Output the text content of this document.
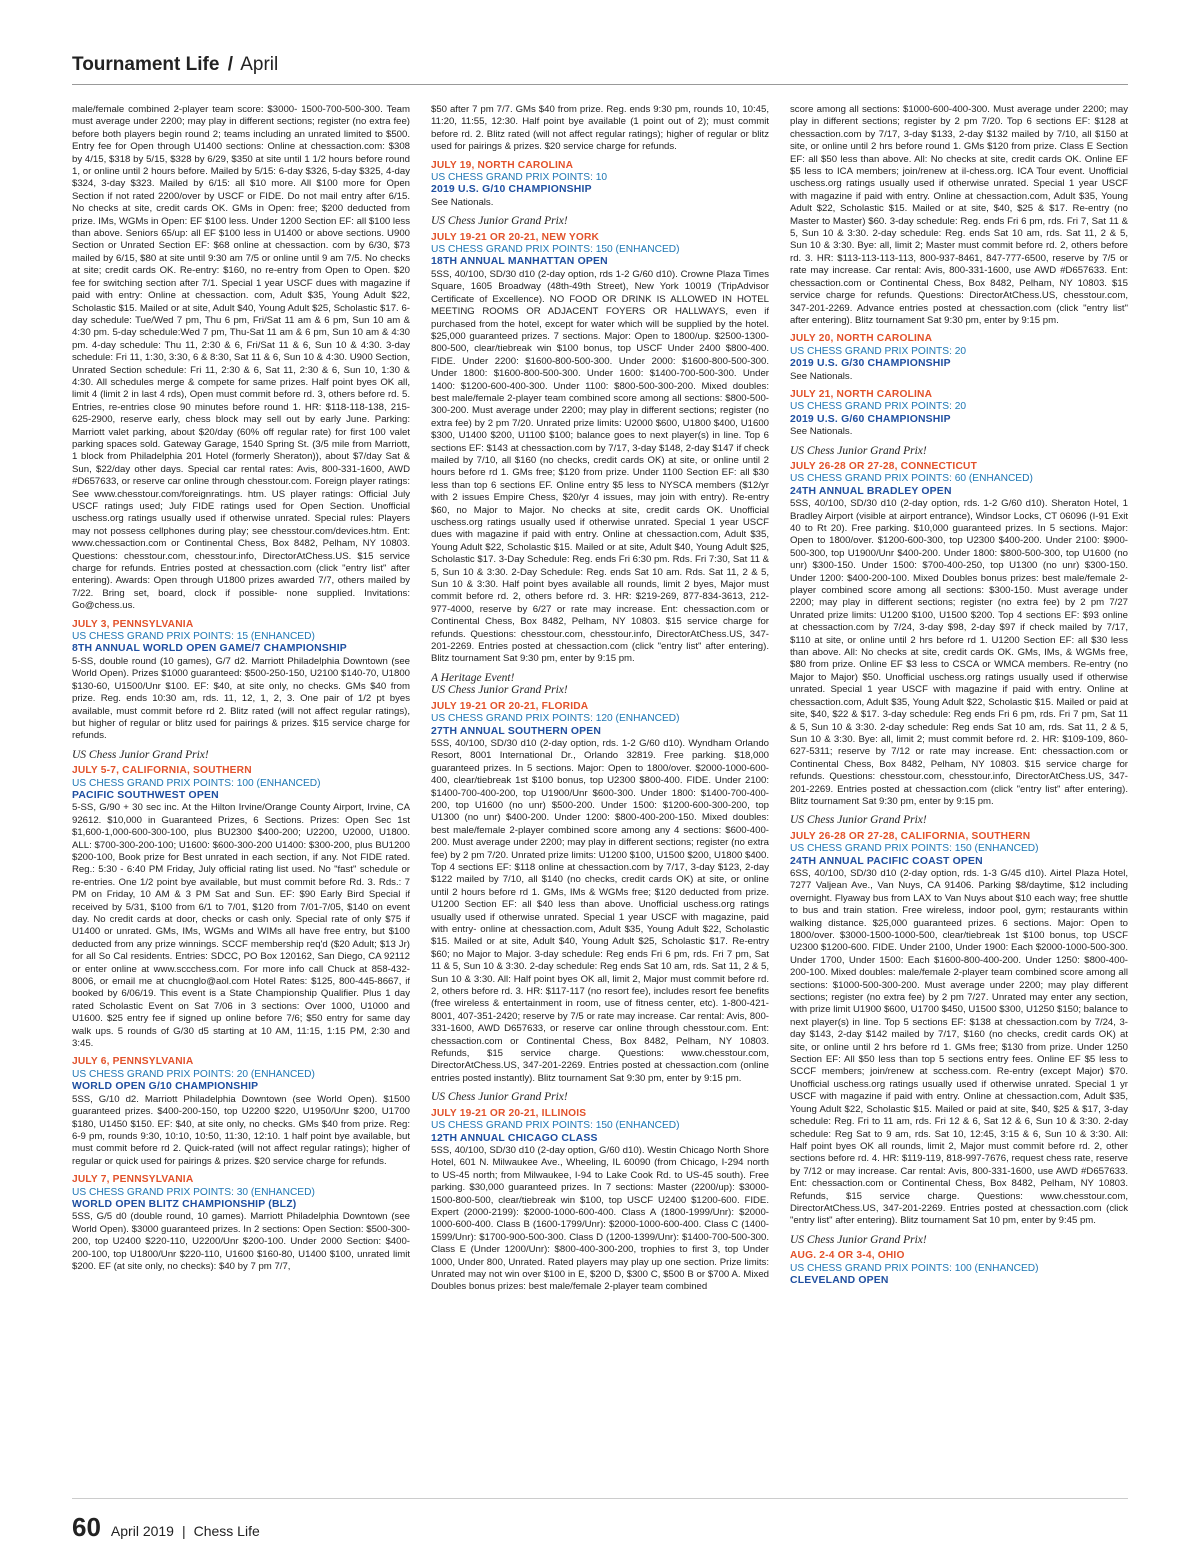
Tournament Life / April
male/female combined 2-player team score: $3000- 1500-700-500-300. Team must average under 2200; may play in different sections; register (no extra fee) before both players begin round 2; teams including an unrated limited to $500. Entry fee for Open through U1400 sections: Online at chessaction.com: $308 by 4/15, $318 by 5/15, $328 by 6/29, $350 at site until 1 1/2 hours before round 1, or online until 2 hours before. Mailed by 5/15: 6-day $326, 5-day $325, 4-day $324, 3-day $323. Mailed by 6/15: all $10 more. All $100 more for Open Section if not rated 2200/over by USCF or FIDE. Do not mail entry after 6/15. No checks at site, credit cards OK. GMs in Open: free; $200 deducted from prize. IMs, WGMs in Open: EF $100 less. Under 1200 Section EF: all $100 less than above. Seniors 65/up: all EF $100 less in U1400 or above sections. U900 Section or Unrated Section EF: $68 online at chessaction. com by 6/30, $73 mailed by 6/15, $80 at site until 9:30 am 7/5 or online until 9 am 7/5. No checks at site; credit cards OK. Re-entry: $160, no re-entry from Open to Open. $20 fee for switching section after 7/1. Special 1 year USCF dues with magazine if paid with entry: Online at chessaction. com, Adult $35, Young Adult $22, Scholastic $15. Mailed or at site, Adult $40, Young Adult $25, Scholastic $17. 6-day schedule: Tue/Wed 7 pm, Thu 6 pm, Fri/Sat 11 am & 6 pm, Sun 10 am & 4:30 pm. 5-day schedule:Wed 7 pm, Thu-Sat 11 am & 6 pm, Sun 10 am & 4:30 pm. 4-day schedule: Thu 11, 2:30 & 6, Fri/Sat 11 & 6, Sun 10 & 4:30. 3-day schedule: Fri 11, 1:30, 3:30, 6 & 8:30, Sat 11 & 6, Sun 10 & 4:30. U900 Section, Unrated Section schedule: Fri 11, 2:30 & 6, Sat 11, 2:30 & 6, Sun 10, 1:30 & 4:30. All schedules merge & compete for same prizes. Half point byes OK all, limit 4 (limit 2 in last 4 rds), Open must commit before rd. 3, others before rd. 5. Entries, re-entries close 90 minutes before round 1. HR: $118-118-138, 215-625-2900, reserve early, chess block may sell out by early June. Parking: Marriott valet parking, about $20/day (60% off regular rate) for first 100 valet parking spaces sold. Gateway Garage, 1540 Spring St. (3/5 mile from Marriott, 1 block from Philadelphia 201 Hotel (formerly Sheraton)), about $7/day Sat & Sun, $22/day other days. Special car rental rates: Avis, 800-331-1600, AWD #D657633, or reserve car online through chesstour.com. Foreign player ratings: See www.chesstour.com/foreignratings. htm. US player ratings: Official July USCF ratings used; July FIDE ratings used for Open Section. Unofficial uschess.org ratings usually used if otherwise unrated. Special rules: Players may not possess cellphones during play; see chesstour.com/devices.htm. Ent: www.chessaction.com or Continental Chess, Box 8482, Pelham, NY 10803. Questions: chesstour.com, chesstour.info, DirectorAtChess.US. $15 service charge for refunds. Entries posted at chessaction.com (click "entry list" after entering). Awards: Open through U1800 prizes awarded 7/7, others mailed by 7/22. Bring set, board, clock if possible- none supplied. Invitations: Go@chess.us.
JULY 3, PENNSYLVANIA
US CHESS GRAND PRIX POINTS: 15 (ENHANCED)
8TH ANNUAL WORLD OPEN GAME/7 CHAMPIONSHIP
5-SS, double round (10 games), G/7 d2. Marriott Philadelphia Downtown (see World Open). Prizes $1000 guaranteed: $500-250-150, U2100 $140-70, U1800 $130-60, U1500/Unr $100. EF: $40, at site only, no checks. GMs $40 from prize. Reg. ends 10:30 am, rds. 11, 12, 1, 2, 3. One pair of 1/2 pt byes available, must commit before rd 2. Blitz rated (will not affect regular ratings), but higher of regular or blitz used for pairings & prizes. $15 service charge for refunds.
US Chess Junior Grand Prix!
JULY 5-7, CALIFORNIA, SOUTHERN
US CHESS GRAND PRIX POINTS: 100 (ENHANCED)
PACIFIC SOUTHWEST OPEN
5-SS, G/90 + 30 sec inc. At the Hilton Irvine/Orange County Airport, Irvine, CA 92612. $10,000 in Guaranteed Prizes, 6 Sections. Prizes: Open Sec 1st $1,600-1,000-600-300-100, plus BU2300 $400-200; U2200, U2000, U1800. ALL: $700-300-200-100; U1600: $600-300-200 U1400: $300-200, plus BU1200 $200-100, Book prize for Best unrated in each section, if any. Not FIDE rated. Reg.: 5:30 - 6:40 PM Friday, July official rating list used. No "fast" schedule or re-entries. One 1/2 point bye available, but must commit before Rd. 3. Rds.: 7 PM on Friday, 10 AM & 3 PM Sat and Sun. EF: $90 Early Bird Special if received by 5/31, $100 from 6/1 to 7/01, $120 from 7/01-7/05, $140 on event day. No credit cards at door, checks or cash only. Special rate of only $75 if U1400 or unrated. GMs, IMs, WGMs and WIMs all have free entry, but $100 deducted from any prize winnings. SCCF membership req'd ($20 Adult; $13 Jr) for all So Cal residents. Entries: SDCC, PO Box 120162, San Diego, CA 92112 or enter online at www.sccchess.com. For more info call Chuck at 858-432-8006, or email me at chucnglo@aol.com Hotel Rates: $125, 800-445-8667, if booked by 6/06/19. This event is a State Championship Qualifier. Plus 1 day rated Scholastic Event on Sat 7/06 in 3 sections: Over 1000, U1000 and U1600. $25 entry fee if signed up online before 7/6; $50 entry for same day walk ups. 5 rounds of G/30 d5 starting at 10 AM, 11:15, 1:15 PM, 2:30 and 3:45.
JULY 6, PENNSYLVANIA
US CHESS GRAND PRIX POINTS: 20 (ENHANCED)
WORLD OPEN G/10 CHAMPIONSHIP
5SS, G/10 d2. Marriott Philadelphia Downtown (see World Open). $1500 guaranteed prizes. $400-200-150, top U2200 $220, U1950/Unr $200, U1700 $180, U1450 $150. EF: $40, at site only, no checks. GMs $40 from prize. Reg: 6-9 pm, rounds 9:30, 10:10, 10:50, 11:30, 12:10. 1 half point bye available, but must commit before rd 2. Quick-rated (will not affect regular ratings); higher of regular or quick used for pairings & prizes. $20 service charge for refunds.
JULY 7, PENNSYLVANIA
US CHESS GRAND PRIX POINTS: 30 (ENHANCED)
WORLD OPEN BLITZ CHAMPIONSHIP (BLZ)
5SS, G/5 d0 (double round, 10 games). Marriott Philadelphia Downtown (see World Open). $3000 guaranteed prizes. In 2 sections: Open Section: $500-300-200, top U2400 $220-110, U2200/Unr $200-100. Under 2000 Section: $400-200-100, top U1800/Unr $220-110, U1600 $160-80, U1400 $100, unrated limit $200. EF (at site only, no checks): $40 by 7 pm 7/7,
$50 after 7 pm 7/7. GMs $40 from prize. Reg. ends 9:30 pm, rounds 10, 10:45, 11:20, 11:55, 12:30. Half point bye available (1 point out of 2); must commit before rd. 2. Blitz rated (will not affect regular ratings); higher of regular or blitz used for pairings & prizes. $20 service charge for refunds.
JULY 19, NORTH CAROLINA
US CHESS GRAND PRIX POINTS: 10
2019 U.S. G/10 CHAMPIONSHIP
See Nationals.
US Chess Junior Grand Prix!
JULY 19-21 OR 20-21, NEW YORK
US CHESS GRAND PRIX POINTS: 150 (ENHANCED)
18TH ANNUAL MANHATTAN OPEN
5SS, 40/100, SD/30 d10 (2-day option, rds 1-2 G/60 d10). Crowne Plaza Times Square, 1605 Broadway (48th-49th Street), New York 10019 (TripAdvisor Certificate of Excellence). NO FOOD OR DRINK IS ALLOWED IN HOTEL MEETING ROOMS OR ADJACENT FOYERS OR HALLWAYS, even if purchased from the hotel, except for water which will be supplied by the hotel. $25,000 guaranteed prizes. 7 sections. Major: Open to 1800/up. $2500-1300-800-500, clear/tiebreak win $100 bonus, top USCF Under 2400 $800-400. FIDE. Under 2200: $1600-800-500-300. Under 2000: $1600-800-500-300. Under 1800: $1600-800-500-300. Under 1600: $1400-700-500-300. Under 1400: $1200-600-400-300. Under 1100: $800-500-300-200. Mixed doubles: best male/female 2-player team combined score among all sections: $800-500-300-200. Must average under 2200; may play in different sections; register (no extra fee) by 2 pm 7/20. Unrated prize limits: U2000 $600, U1800 $400, U1600 $300, U1400 $200, U1100 $100; balance goes to next player(s) in line. Top 6 sections EF: $143 at chessaction.com by 7/17, 3-day $148, 2-day $147 if check mailed by 7/10, all $160 (no checks, credit cards OK) at site, or online until 2 hours before rd 1. GMs free; $120 from prize. Under 1100 Section EF: all $30 less than top 6 sections EF. Online entry $5 less to NYSCA members ($12/yr with 2 issues Empire Chess, $20/yr 4 issues, may join with entry). Re-entry $60, no Major to Major. No checks at site, credit cards OK. Unofficial uschess.org ratings usually used if otherwise unrated. Special 1 year USCF dues with magazine if paid with entry. Online at chessaction.com, Adult $35, Young Adult $22, Scholastic $15. Mailed or at site, Adult $40, Young Adult $25, Scholastic $17. 3-Day Schedule: Reg. ends Fri 6:30 pm. Rds. Fri 7:30, Sat 11 & 5, Sun 10 & 3:30. 2-Day Schedule: Reg. ends Sat 10 am. Rds. Sat 11, 2 & 5, Sun 10 & 3:30. Half point byes available all rounds, limit 2 byes, Major must commit before rd. 2, others before rd. 3. HR: $219-269, 877-834-3613, 212-977-4000, reserve by 6/27 or rate may increase. Ent: chessaction.com or Continental Chess, Box 8482, Pelham, NY 10803. $15 service charge for refunds. Questions: chesstour.com, chesstour.info, DirectorAtChess.US, 347-201-2269. Entries posted at chessaction.com (click "entry list" after entering). Blitz tournament Sat 9:30 pm, enter by 9:15 pm.
A Heritage Event!
US Chess Junior Grand Prix!
JULY 19-21 OR 20-21, FLORIDA
US CHESS GRAND PRIX POINTS: 120 (ENHANCED)
27TH ANNUAL SOUTHERN OPEN
5SS, 40/100, SD/30 d10 (2-day option, rds. 1-2 G/60 d10). Wyndham Orlando Resort, 8001 International Dr., Orlando 32819. Free parking. $18,000 guaranteed prizes. In 5 sections. Major: Open to 1800/over. $2000-1000-600-400, clear/tiebreak 1st $100 bonus, top U2300 $800-400. FIDE. Under 2100: $1400-700-400-200, top U1900/Unr $600-300. Under 1800: $1400-700-400-200, top U1600 (no unr) $500-200. Under 1500: $1200-600-300-200, top U1300 (no unr) $400-200. Under 1200: $800-400-200-150. Mixed doubles: best male/female 2-player combined score among any 4 sections: $600-400-200. Must average under 2200; may play in different sections; register (no extra fee) by 2 pm 7/20. Unrated prize limits: U1200 $100, U1500 $200, U1800 $400. Top 4 sections EF: $118 online at chessaction.com by 7/17, 3-day $123, 2-day $122 mailed by 7/10, all $140 (no checks, credit cards OK) at site, or online until 2 hours before rd 1. GMs, IMs & WGMs free; $120 deducted from prize. U1200 Section EF: all $40 less than above. Unofficial uschess.org ratings usually used if otherwise unrated. Special 1 year USCF with magazine, paid with entry- online at chessaction.com, Adult $35, Young Adult $22, Scholastic $15. Mailed or at site, Adult $40, Young Adult $25, Scholastic $17. Re-entry $60; no Major to Major. 3-day schedule: Reg ends Fri 6 pm, rds. Fri 7 pm, Sat 11 & 5, Sun 10 & 3:30. 2-day schedule: Reg ends Sat 10 am, rds. Sat 11, 2 & 5, Sun 10 & 3:30. All: Half point byes OK all, limit 2, Major must commit before rd. 2, others before rd. 3. HR: $117-117 (no resort fee), includes resort fee benefits (free wireless & entertainment in room, use of fitness center, etc). 1-800-421-8001, 407-351-2420; reserve by 7/5 or rate may increase. Car rental: Avis, 800-331-1600, AWD D657633, or reserve car online through chesstour.com. Ent: chessaction.com or Continental Chess, Box 8482, Pelham, NY 10803. Refunds, $15 service charge. Questions: www.chesstour.com, DirectorAtChess.US, 347-201-2269. Entries posted at chessaction.com (online entries posted instantly). Blitz tournament Sat 9:30 pm, enter by 9:15 pm.
US Chess Junior Grand Prix!
JULY 19-21 OR 20-21, ILLINOIS
US CHESS GRAND PRIX POINTS: 150 (ENHANCED)
12TH ANNUAL CHICAGO CLASS
5SS, 40/100, SD/30 d10 (2-day option, G/60 d10). Westin Chicago North Shore Hotel, 601 N. Milwaukee Ave., Wheeling, IL 60090 (from Chicago, I-294 north to US-45 north; from Milwaukee, I-94 to Lake Cook Rd. to US-45 south). Free parking. $30,000 guaranteed prizes. In 7 sections: Master (2200/up): $3000-1500-800-500, clear/tiebreak win $100, top USCF U2400 $1200-600. FIDE. Expert (2000-2199): $2000-1000-600-400. Class A (1800-1999/Unr): $2000-1000-600-400. Class B (1600-1799/Unr): $2000-1000-600-400. Class C (1400-1599/Unr): $1700-900-500-300. Class D (1200-1399/Unr): $1400-700-500-300. Class E (Under 1200/Unr): $800-400-300-200, trophies to first 3, top Under 1000, Under 800, Unrated. Rated players may play up one section. Prize limits: Unrated may not win over $100 in E, $200 D, $300 C, $500 B or $700 A. Mixed Doubles bonus prizes: best male/female 2-player team combined
score among all sections: $1000-600-400-300. Must average under 2200; may play in different sections; register by 2 pm 7/20. Top 6 sections EF: $128 at chessaction.com by 7/17, 3-day $133, 2-day $132 mailed by 7/10, all $150 at site, or online until 2 hrs before round 1. GMs $120 from prize. Class E Section EF: all $50 less than above. All: No checks at site, credit cards OK. Online EF $5 less to ICA members; join/renew at il-chess.org. ICA Tour event. Unofficial uschess.org ratings usually used if otherwise unrated. Special 1 year USCF with magazine if paid with entry. Online at chessaction.com, Adult $35, Young Adult $22, Scholastic $15. Mailed or at site, $40, $25 & $17. Re-entry (no Master to Master) $60. 3-day schedule: Reg. ends Fri 6 pm, rds. Fri 7, Sat 11 & 5, Sun 10 & 3:30. 2-day schedule: Reg. ends Sat 10 am, rds. Sat 11, 2 & 5, Sun 10 & 3:30. Bye: all, limit 2; Master must commit before rd. 2, others before rd. 3. HR: $113-113-113-113, 800-937-8461, 847-777-6500, reserve by 7/5 or rate may increase. Car rental: Avis, 800-331-1600, use AWD #D657633. Ent: chessaction.com or Continental Chess, Box 8482, Pelham, NY 10803. $15 service charge for refunds. Questions: DirectorAtChess.US, chesstour.com, 347-201-2269. Advance entries posted at chessaction.com (click "entry list" after entering). Blitz tournament Sat 9:30 pm, enter by 9:15 pm.
JULY 20, NORTH CAROLINA
US CHESS GRAND PRIX POINTS: 20
2019 U.S. G/30 CHAMPIONSHIP
See Nationals.
JULY 21, NORTH CAROLINA
US CHESS GRAND PRIX POINTS: 20
2019 U.S. G/60 CHAMPIONSHIP
See Nationals.
US Chess Junior Grand Prix!
JULY 26-28 OR 27-28, CONNECTICUT
US CHESS GRAND PRIX POINTS: 60 (ENHANCED)
24TH ANNUAL BRADLEY OPEN
5SS, 40/100, SD/30 d10 (2-day option, rds. 1-2 G/60 d10). Sheraton Hotel, 1 Bradley Airport (visible at airport entrance), Windsor Locks, CT 06096 (I-91 Exit 40 to Rt 20). Free parking. $10,000 guaranteed prizes. In 5 sections. Major: Open to 1800/over. $1200-600-300, top U2300 $400-200. Under 2100: $900-500-300, top U1900/Unr $400-200. Under 1800: $800-500-300, top U1600 (no unr) $300-150. Under 1500: $700-400-250, top U1300 (no unr) $300-150. Under 1200: $400-200-100. Mixed Doubles bonus prizes: best male/female 2-player combined score among all sections: $300-150. Must average under 2200; may play in different sections; register (no extra fee) by 2 pm 7/27 Unrated prize limits: U1200 $100, U1500 $200. Top 4 sections EF: $93 online at chessaction.com by 7/24, 3-day $98, 2-day $97 if check mailed by 7/17, $110 at site, or online until 2 hrs before rd 1. U1200 Section EF: all $30 less than above. All: No checks at site, credit cards OK. GMs, IMs, & WGMs free, $80 from prize. Online EF $3 less to CSCA or WMCA members. Re-entry (no Major to Major) $50. Unofficial uschess.org ratings usually used if otherwise unrated. Special 1 year USCF with magazine if paid with entry. Online at chessaction.com, Adult $35, Young Adult $22, Scholastic $15. Mailed or paid at site, $40, $22 & $17. 3-day schedule: Reg ends Fri 6 pm, rds. Fri 7 pm, Sat 11 & 5, Sun 10 & 3:30. 2-day schedule: Reg ends Sat 10 am, rds. Sat 11, 2 & 5, Sun 10 & 3:30. Bye: all, limit 2; must commit before rd. 2. HR: $109-109, 860-627-5311; reserve by 7/12 or rate may increase. Ent: chessaction.com or Continental Chess, Box 8482, Pelham, NY 10803. $15 service charge for refunds. Questions: chesstour.com, chesstour.info, DirectorAtChess.US, 347-201-2269. Entries posted at chessaction.com (click "entry list" after entering). Blitz tournament Sat 9:30 pm, enter by 9:15 pm.
US Chess Junior Grand Prix!
JULY 26-28 OR 27-28, CALIFORNIA, SOUTHERN
US CHESS GRAND PRIX POINTS: 150 (ENHANCED)
24TH ANNUAL PACIFIC COAST OPEN
6SS, 40/100, SD/30 d10 (2-day option, rds. 1-3 G/45 d10). Airtel Plaza Hotel, 7277 Valjean Ave., Van Nuys, CA 91406. Parking $8/daytime, $12 including overnight. Flyaway bus from LAX to Van Nuys about $10 each way; free shuttle to bus and train station. Free wireless, indoor pool, gym; restaurants within walking distance. $25,000 guaranteed prizes. 6 sections. Major: Open to 1800/over. $3000-1500-1000-500, clear/tiebreak 1st $100 bonus, top USCF U2300 $1200-600. FIDE. Under 2100, Under 1900: Each $2000-1000-500-300. Under 1700, Under 1500: Each $1600-800-400-200. Under 1250: $800-400-200-100. Mixed doubles: male/female 2-player team combined score among all sections: $1000-500-300-200. Must average under 2200; may play different sections; register (no extra fee) by 2 pm 7/27. Unrated may enter any section, with prize limit U1900 $600, U1700 $450, U1500 $300, U1250 $150; balance to next player(s) in line. Top 5 sections EF: $138 at chessaction.com by 7/24, 3-day $143, 2-day $142 mailed by 7/17, $160 (no checks, credit cards OK) at site, or online until 2 hrs before rd 1. GMs free; $130 from prize. Under 1250 Section EF: All $50 less than top 5 sections entry fees. Online EF $5 less to SCCF members; join/renew at scchess.com. Re-entry (except Major) $70. Unofficial uschess.org ratings usually used if otherwise unrated. Special 1 yr USCF with magazine if paid with entry. Online at chessaction.com, Adult $35, Young Adult $22, Scholastic $15. Mailed or paid at site, $40, $25 & $17, 3-day schedule: Reg. Fri to 11 am, rds. Fri 12 & 6, Sat 12 & 6, Sun 10 & 3:30. 2-day schedule: Reg Sat to 9 am, rds. Sat 10, 12:45, 3:15 & 6, Sun 10 & 3:30. All: Half point byes OK all rounds, limit 2, Major must commit before rd. 2, other sections before rd. 4. HR: $119-119, 818-997-7676, request chess rate, reserve by 7/12 or may increase. Car rental: Avis, 800-331-1600, use AWD #D657633. Ent: chessaction.com or Continental Chess, Box 8482, Pelham, NY 10803. Refunds, $15 service charge. Questions: www.chesstour.com, DirectorAtChess.US, 347-201-2269. Entries posted at chessaction.com (click "entry list" after entering). Blitz tournament Sat 10 pm, enter by 9:45 pm.
US Chess Junior Grand Prix!
AUG. 2-4 OR 3-4, OHIO
US CHESS GRAND PRIX POINTS: 100 (ENHANCED)
CLEVELAND OPEN
60 April 2019 | Chess Life
